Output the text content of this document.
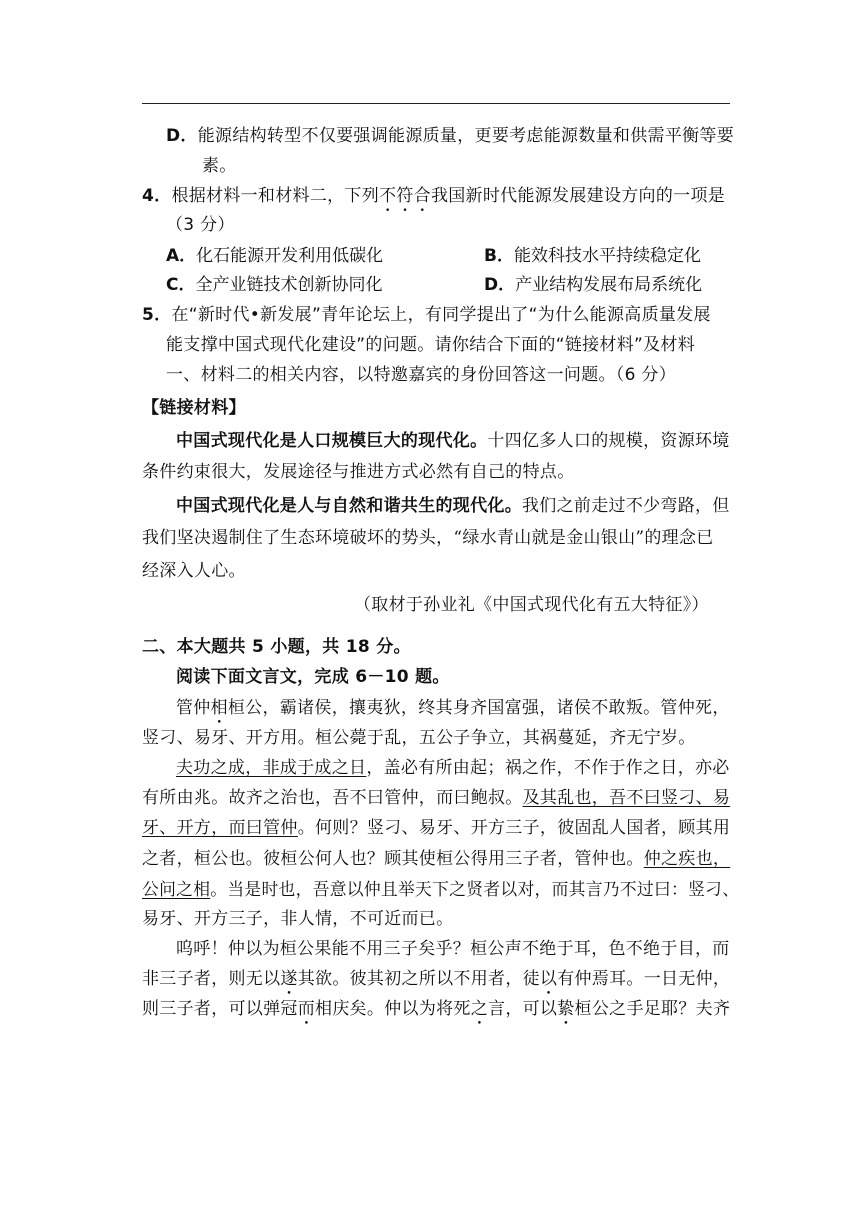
D．能源结构转型不仅要强调能源质量，更要考虑能源数量和供需平衡等要
素。
4．根据材料一和材料二，下列不符合我国新时代能源发展建设方向的一项是
（3 分）
A．化石能源开发利用低碳化	B．能效科技水平持续稳定化
C．全产业链技术创新协同化	D．产业结构发展布局系统化
5．在“新时代•新发展”青年论坛上，有同学提出了“为什么能源高质量发展
能支撑中国式现代化建设”的问题。请你结合下面的“链接材料”及材料
一、材料二的相关内容，以特邀嘉宾的身份回答这一问题。（6 分）
【链接材料】
中国式现代化是人口规模巨大的现代化。十四亿多人口的规模，资源环境
条件约束很大，发展途径与推进方式必然有自己的特点。
中国式现代化是人与自然和谐共生的现代化。我们之前走过不少弯路，但
我们坚决遏制住了生态环境破坏的势头，“绿水青山就是金山银山”的理念已
经深入人心。
（取材于孙业礼《中国式现代化有五大特征》）
二、本大题共 5 小题，共 18 分。
阅读下面文言文，完成 6－10 题。
管仲相桓公，霸诸侯，攘夷狄，终其身齐国富强，诸侯不敢叛。管仲死，
竖刁、易牙、开方用。桓公薨于乱，五公子争立，其祸蔓延，齐无宁岁。
夫功之成，非成于成之日，盖必有所由起；祸之作，不作于作之日，亦必
有所由兆。故齐之治也，吾不曰管仲，而曰鲍叔。及其乱也，吾不曰竖刁、易
牙、开方，而曰管仲。何则？竖刁、易牙、开方三子，彼固乱人国者，顾其用
之者，桓公也。彼桓公何人也？顾其使桓公得用三子者，管仲也。仲之疾也，
公问之相。当是时也，吾意以仲且举天下之贤者以对，而其言乃不过曰：竖刁、
易牙、开方三子，非人情，不可近而已。
呜呼！仲以为桓公果能不用三子矣乎？桓公声不绝于耳，色不绝于目，而
非三子者，则无以遂其欲。彼其初之所以不用者，徒以有仲焉耳。一日无仲，
则三子者，可以弹冠而相庆矣。仲以为将死之言，可以絷桓公之手足耶？夫齐
